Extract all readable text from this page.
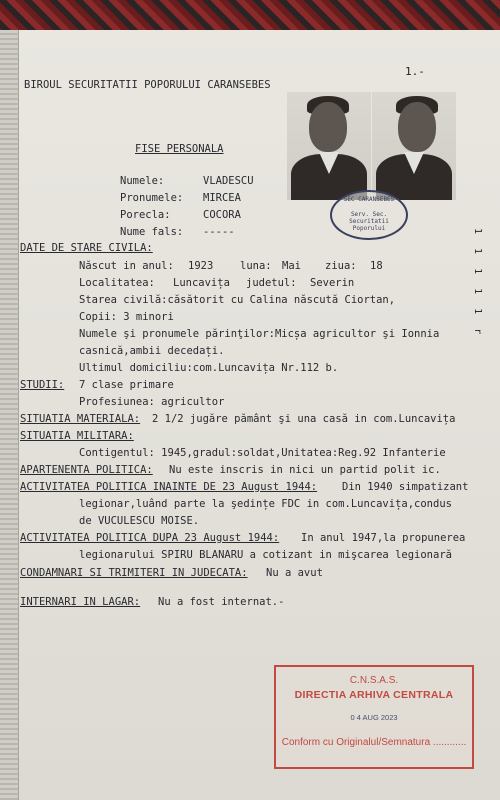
BIROUL SECURITATII POPORULUI CARANSEBES
1.-
FISE PERSONALA
Numele:	VLADESCU
Pronumele: MIRCEA
Porecla:	COCORA
Nume fals: -----
DATE DE STARE CIVILA:
Născut in anul: 1923	luna: Mai ziua: 18
Localitatea: Luncavița judetul: Severin
Starea civilă:căsătorit cu Calina născută Ciortan,
Copii: 3 minori
Numele şi pronumele părinţilor:Micșa agricultor şi Ionnia
casnică,ambii decedați.
Ultimul domiciliu:com.Luncavița Nr.112 b.
STUDII: 7 clase primare
Profesiunea: agricultor
SITUATIA MATERIALA: 2 1/2 jugăre pământ şi una casă in com.Luncavița
SITUATIA MILITARA:
Contigentul: 1945,gradul:soldat,Unitatea:Reg.92 Infanterie
APARTENENTA POLITICA: Nu este inscris in nici un partid polit ic.
ACTIVITATEA POLITICA INAINTE DE 23 August 1944: Din 1940 simpatizant
legionar,luând parte la şedințe FDC in com.Luncavița,condus
de VUCULESCU MOISE.
ACTIVITATEA POLITICA DUPA 23 August 1944: In anul 1947,la propunerea
legionarului SPIRU BLANARU a cotizant in mişcarea legionară
CONDAMNARI SI TRIMITERI IN JUDECATA: Nu a avut
INTERNARI IN LAGAR: Nu a fost internat.-
1 1 1 1 1 r
SEC CARANSEBES
Serv. Sec. Securitatii Poporului
C.N.S.A.S.
DIRECTIA ARHIVA CENTRALA
0 4 AUG 2023
Conform cu Originalul/Semnatura ............
